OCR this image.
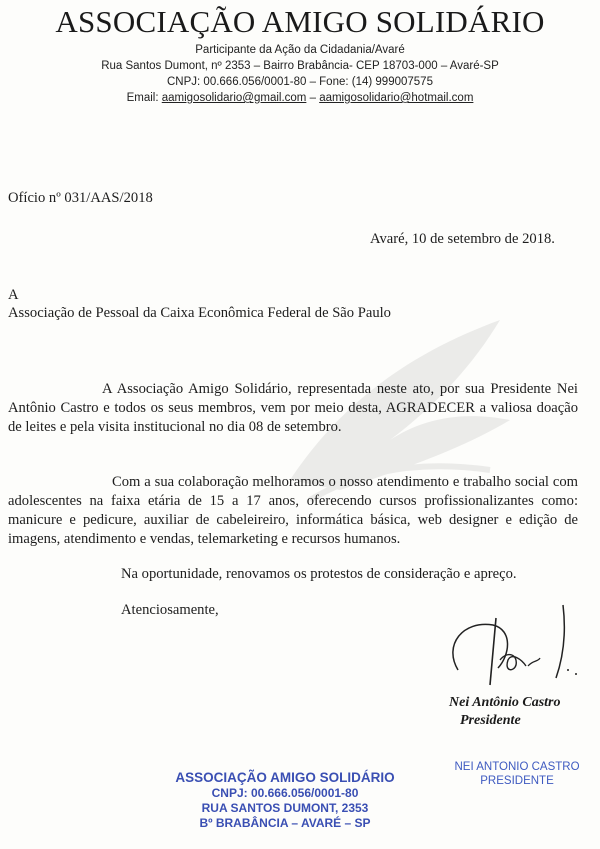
ASSOCIAÇÃO AMIGO SOLIDÁRIO
Participante da Ação da Cidadania/Avaré
Rua Santos Dumont, nº 2353 – Bairro Brabância- CEP 18703-000 – Avaré-SP
CNPJ: 00.666.056/0001-80 – Fone: (14) 999007575
Email: aamigosolidario@gmail.com – aamigosolidario@hotmail.com
Ofício nº 031/AAS/2018
Avaré, 10 de setembro de 2018.
A
Associação de Pessoal da Caixa Econômica Federal de São Paulo
A Associação Amigo Solidário, representada neste ato, por sua Presidente Nei Antônio Castro e todos os seus membros, vem por meio desta, AGRADECER a valiosa doação de leites e pela visita institucional no dia 08 de setembro.
Com a sua colaboração melhoramos o nosso atendimento e trabalho social com adolescentes na faixa etária de 15 a 17 anos, oferecendo cursos profissionalizantes como: manicure e pedicure, auxiliar de cabeleireiro, informática básica, web designer e edição de imagens, atendimento e vendas, telemarketing e recursos humanos.
Na oportunidade, renovamos os protestos de consideração e apreço.
Atenciosamente,
Nei Antônio Castro
Presidente
ASSOCIAÇÃO AMIGO SOLIDÁRIO
CNPJ: 00.666.056/0001-80
RUA SANTOS DUMONT, 2353
Bº BRABÂNCIA – AVARÉ – SP
NEI ANTONIO CASTRO
PRESIDENTE
